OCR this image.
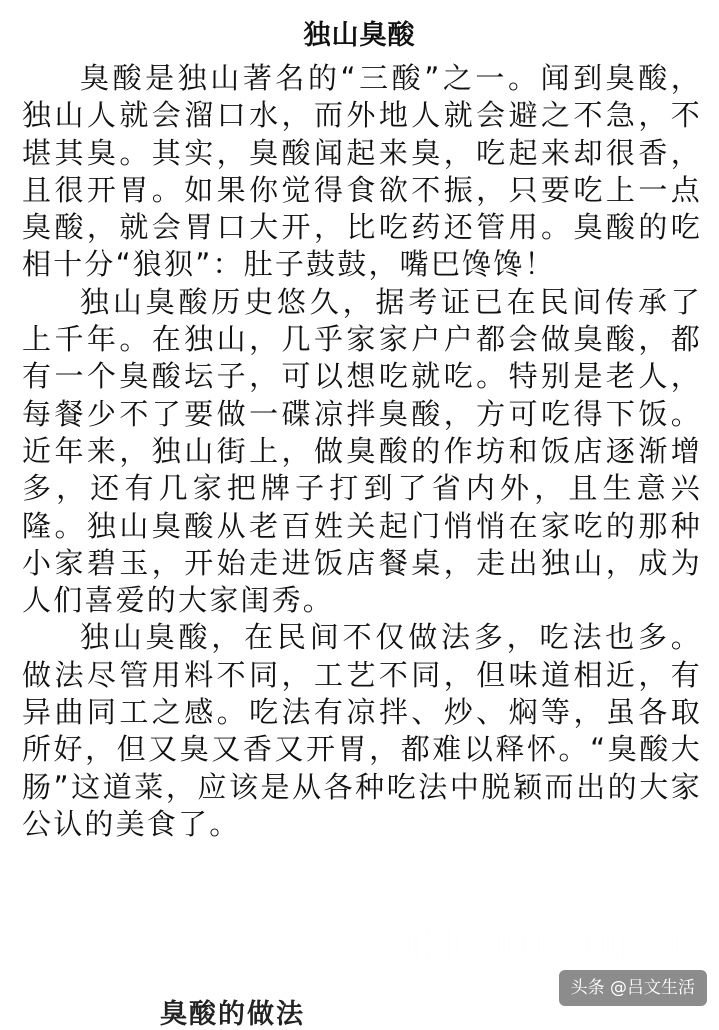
独山臭酸

臭酸是独山著名的“三酸”之一。闻到臭酸，独山人就会溜口水，而外地人就会避之不急，不堪其臭。其实，臭酸闻起来臭，吃起来却很香，且很开胃。如果你觉得食欲不振，只要吃上一点臭酸，就会胃口大开，比吃药还管用。臭酸的吃相十分“狼狈”：肚子鼓鼓，嘴巴馋馋！

独山臭酸历史悠久，据考证已在民间传承了上千年。在独山，几乎家家户户都会做臭酸，都有一个臭酸坛子，可以想吃就吃。特别是老人，每餐少不了要做一碟凉拌臭酸，方可吃得下饭。近年来，独山街上，做臭酸的作坊和饭店逐渐增多，还有几家把牌子打到了省内外，且生意兴隆。独山臭酸从老百姓关起门悄悄在家吃的那种小家碧玉，开始走进饭店餐桌，走出独山，成为人们喜爱的大家闺秀。

独山臭酸，在民间不仅做法多，吃法也多。做法尽管用料不同，工艺不同，但味道相近，有异曲同工之感。吃法有凉拌、炒、焖等，虽各取所好，但又臭又香又开胃，都难以释怀。“臭酸大肠”这道菜，应该是从各种吃法中脱颖而出的大家公认的美食了。

臭酸的做法
头条 @吕文生活
